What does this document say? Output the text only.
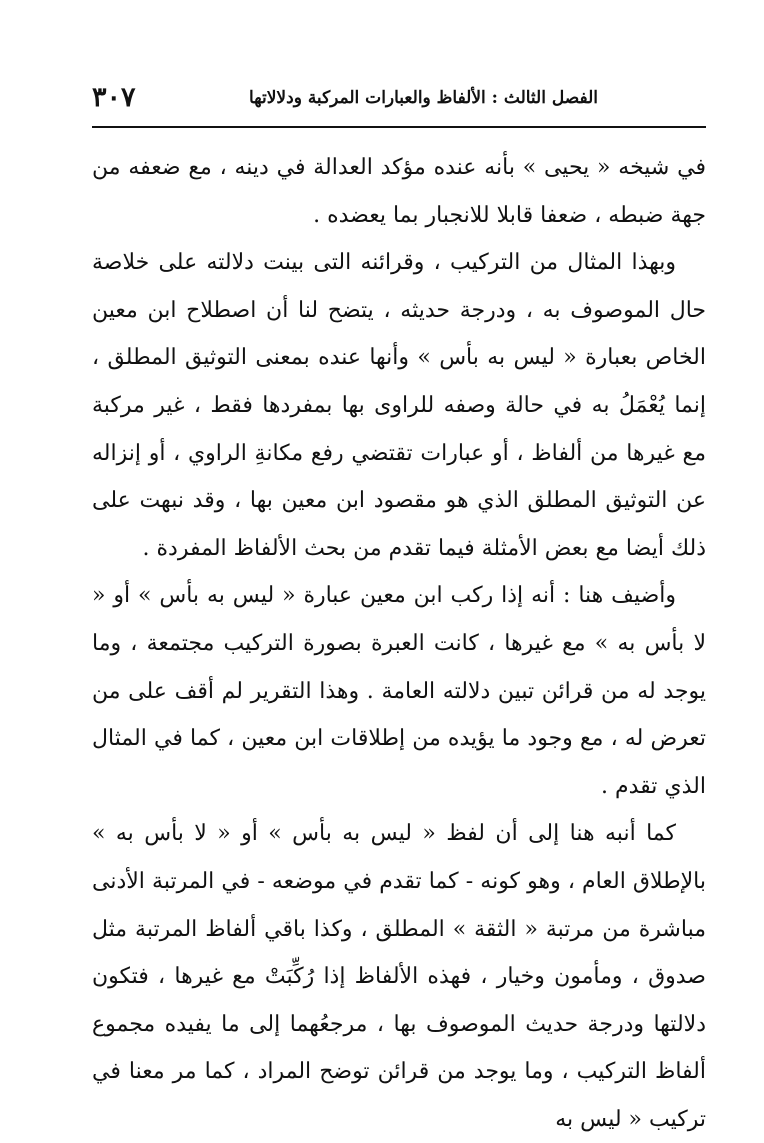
الفصل الثالث : الألفاظ والعبارات المركبة ودلالاتها
٣٠٧

في شيخه « يحيى » بأنه عنده مؤكد العدالة في دينه ، مع ضعفه من جهة ضبطه ، ضعفا قابلا للانجبار بما يعضده .

وبهذا المثال من التركيب ، وقرائنه التى بينت دلالته على خلاصة حال الموصوف به ، ودرجة حديثه ، يتضح لنا أن اصطلاح ابن معين الخاص بعبارة « ليس به بأس » وأنها عنده بمعنى التوثيق المطلق ، إنما يُعْمَلُ به في حالة وصفه للراوى بها بمفردها فقط ، غير مركبة مع غيرها من ألفاظ ، أو عبارات تقتضي رفع مكانةِ الراوي ، أو إنزاله عن التوثيق المطلق الذي هو مقصود ابن معين بها ، وقد نبهت على ذلك أيضا مع بعض الأمثلة فيما تقدم من بحث الألفاظ المفردة .

وأضيف هنا : أنه إذا ركب ابن معين عبارة « ليس به بأس » أو « لا بأس به » مع غيرها ، كانت العبرة بصورة التركيب مجتمعة ، وما يوجد له من قرائن تبين دلالته العامة . وهذا التقرير لم أقف على من تعرض له ، مع وجود ما يؤيده من إطلاقات ابن معين ، كما في المثال الذي تقدم .

كما أنبه هنا إلى أن لفظ « ليس به بأس » أو « لا بأس به » بالإطلاق العام ، وهو كونه - كما تقدم في موضعه - في المرتبة الأدنى مباشرة من مرتبة « الثقة » المطلق ، وكذا باقي ألفاظ المرتبة مثل صدوق ، ومأمون وخيار ، فهذه الألفاظ إذا رُكِّبَتْ مع غيرها ، فتكون دلالتها ودرجة حديث الموصوف بها ، مرجعُهما إلى ما يفيده مجموع ألفاظ التركيب ، وما يوجد من قرائن توضح المراد ، كما مر معنا في تركيب « ليس به
